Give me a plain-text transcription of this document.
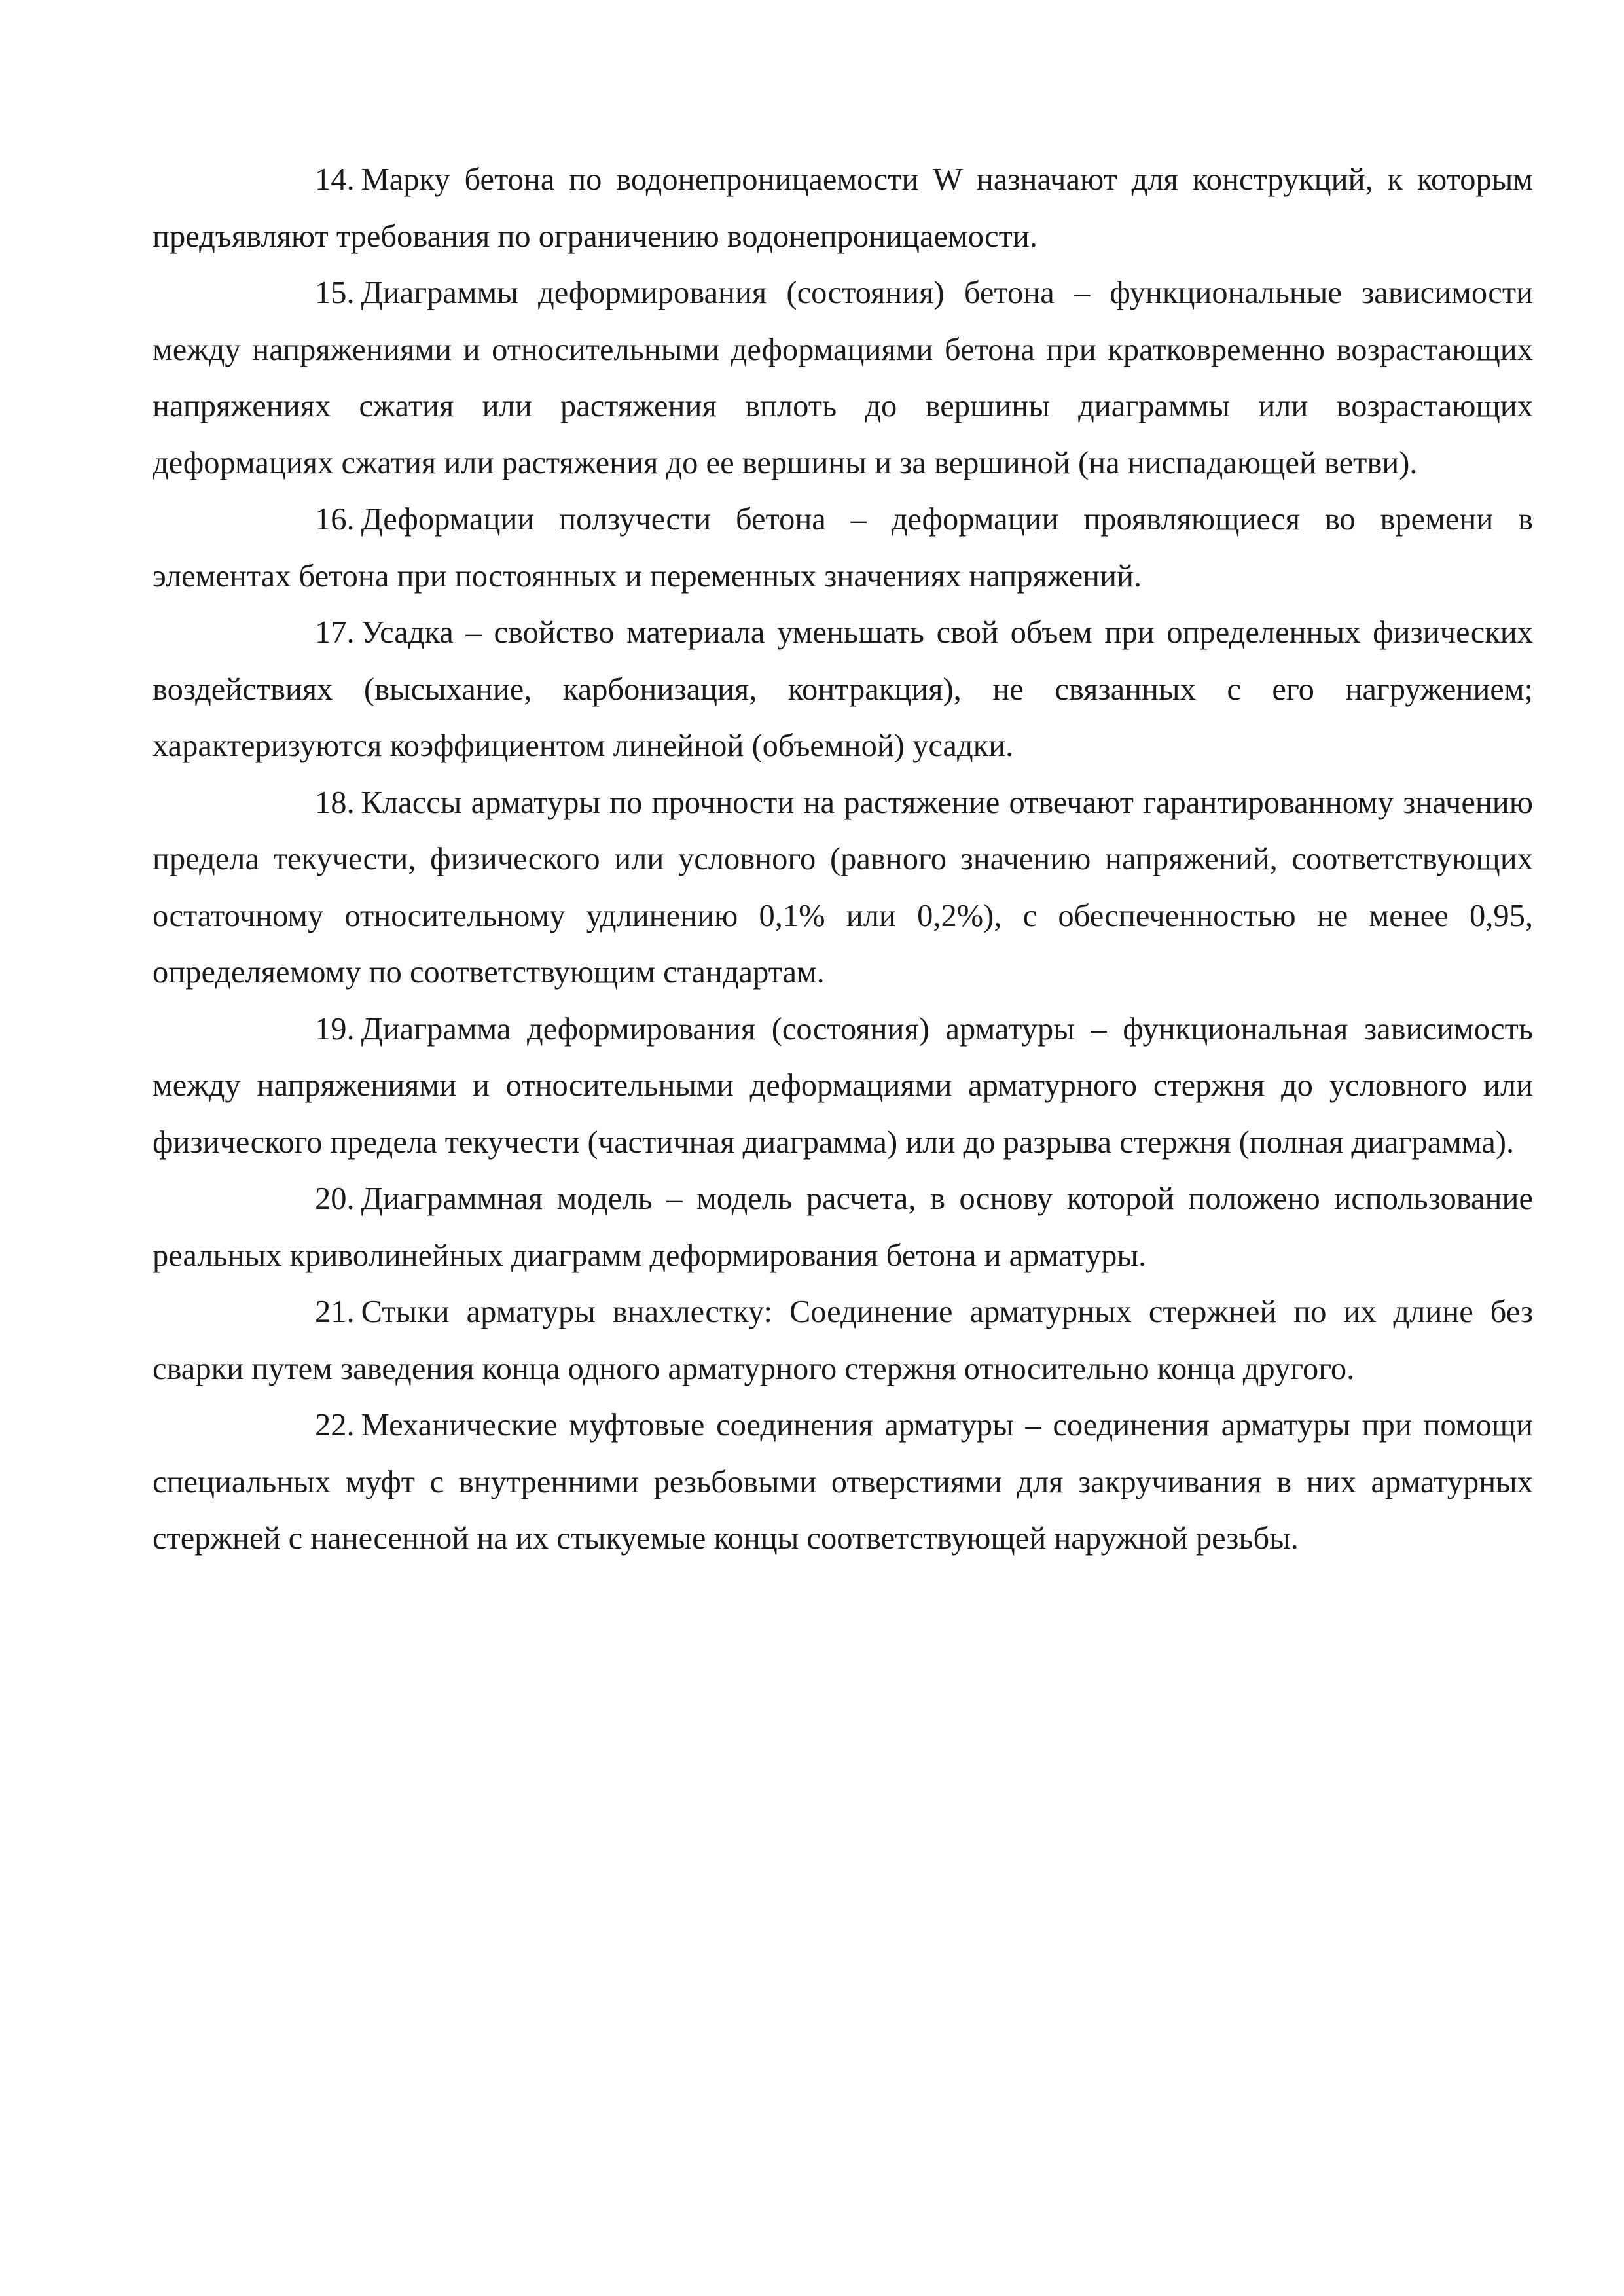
14. Марку бетона по водонепроницаемости W назначают для конструкций, к которым предъявляют требования по ограничению водонепроницаемости.

15. Диаграммы деформирования (состояния) бетона – функциональные зависимости между напряжениями и относительными деформациями бетона при кратковременно возрастающих напряжениях сжатия или растяжения вплоть до вершины диаграммы или возрастающих деформациях сжатия или растяжения до ее вершины и за вершиной (на ниспадающей ветви).

16. Деформации ползучести бетона – деформации проявляющиеся во времени в элементах бетона при постоянных и переменных значениях напряжений.

17. Усадка – свойство материала уменьшать свой объем при определенных физических воздействиях (высыхание, карбонизация, контракция), не связанных с его нагружением; характеризуются коэффициентом линейной (объемной) усадки.

18. Классы арматуры по прочности на растяжение отвечают гарантированному значению предела текучести, физического или условного (равного значению напряжений, соответствующих остаточному относительному удлинению 0,1% или 0,2%), с обеспеченностью не менее 0,95, определяемому по соответствующим стандартам.

19. Диаграмма деформирования (состояния) арматуры – функциональная зависимость между напряжениями и относительными деформациями арматурного стержня до условного или физического предела текучести (частичная диаграмма) или до разрыва стержня (полная диаграмма).

20. Диаграммная модель – модель расчета, в основу которой положено использование реальных криволинейных диаграмм деформирования бетона и арматуры.

21. Стыки арматуры внахлестку: Соединение арматурных стержней по их длине без сварки путем заведения конца одного арматурного стержня относительно конца другого.

22. Механические муфтовые соединения арматуры – соединения арматуры при помощи специальных муфт с внутренними резьбовыми отверстиями для закручивания в них арматурных стержней с нанесенной на их стыкуемые концы соответствующей наружной резьбы.
